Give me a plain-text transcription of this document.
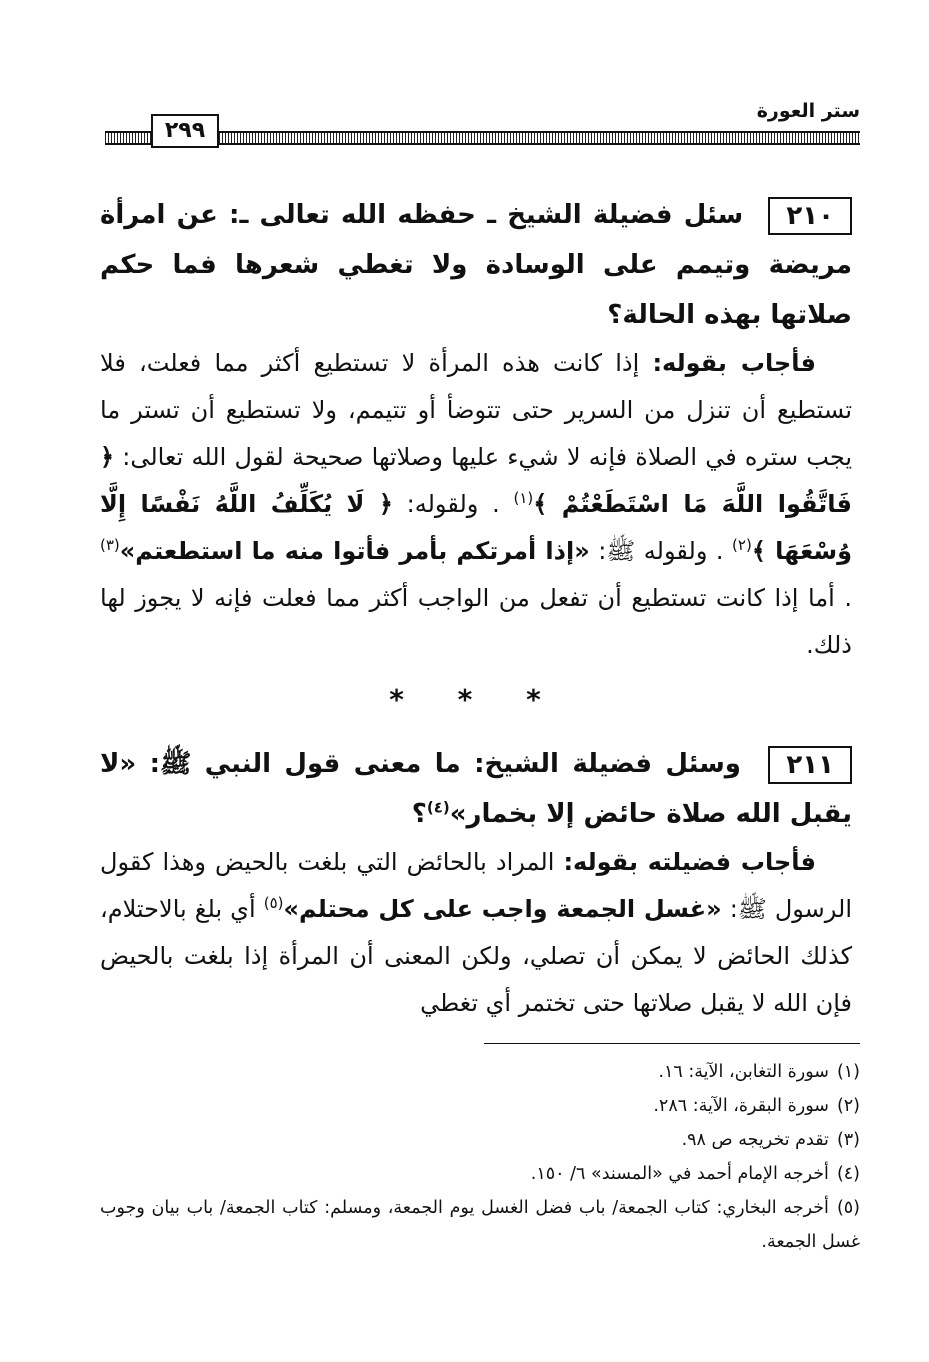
ستر العورة
٢٩٩
٢١٠ سئل فضيلة الشيخ ـ حفظه الله تعالى ـ: عن امرأة مريضة وتيمم على الوسادة ولا تغطي شعرها فما حكم صلاتها بهذه الحالة؟
فأجاب بقوله: إذا كانت هذه المرأة لا تستطيع أكثر مما فعلت، فلا تستطيع أن تنزل من السرير حتى تتوضأ أو تتيمم، ولا تستطيع أن تستر ما يجب ستره في الصلاة فإنه لا شيء عليها وصلاتها صحيحة لقول الله تعالى: ﴿ فَاتَّقُوا اللَّهَ مَا اسْتَطَعْتُمْ ﴾$^{(١)}$ . ولقوله: ﴿ لَا يُكَلِّفُ اللَّهُ نَفْسًا إِلَّا وُسْعَهَا ﴾$^{(٢)}$ . ولقوله ﷺ: «إذا أمرتكم بأمر فأتوا منه ما استطعتم»$^{(٣)}$ . أما إذا كانت تستطيع أن تفعل من الواجب أكثر مما فعلت فإنه لا يجوز لها ذلك.
* * *
٢١١ وسئل فضيلة الشيخ: ما معنى قول النبي ﷺ: «لا يقبل الله صلاة حائض إلا بخمار»$^{(٤)}$؟
فأجاب فضيلته بقوله: المراد بالحائض التي بلغت بالحيض وهذا كقول الرسول ﷺ: «غسل الجمعة واجب على كل محتلم»$^{(٥)}$ أي بلغ بالاحتلام، كذلك الحائض لا يمكن أن تصلي، ولكن المعنى أن المرأة إذا بلغت بالحيض فإن الله لا يقبل صلاتها حتى تختمر أي تغطي
(١)سورة التغابن، الآية: ١٦.
(٢)سورة البقرة، الآية: ٢٨٦.
(٣)تقدم تخريجه ص ٩٨.
(٤)أخرجه الإمام أحمد في «المسند» ٦/ ١٥٠.
(٥)أخرجه البخاري: كتاب الجمعة/ باب فضل الغسل يوم الجمعة، ومسلم: كتاب الجمعة/ باب بيان وجوب غسل الجمعة.
